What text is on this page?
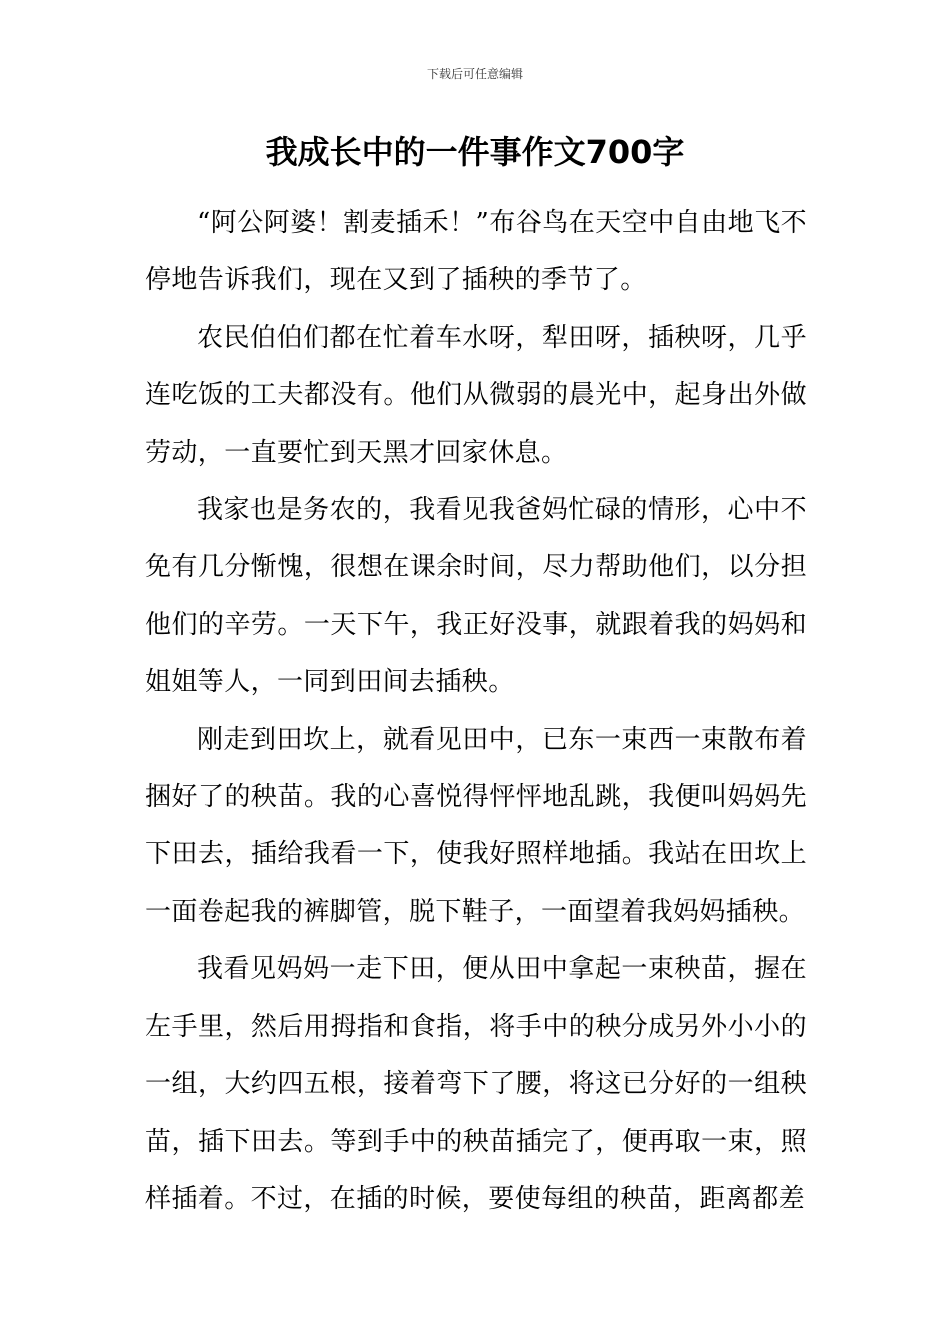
下载后可任意编辑
我成长中的一件事作文700字

“阿公阿婆！割麦插禾！”布谷鸟在天空中自由地飞不停地告诉我们，现在又到了插秧的季节了。

农民伯伯们都在忙着车水呀，犁田呀，插秧呀，几乎连吃饭的工夫都没有。他们从微弱的晨光中，起身出外做劳动，一直要忙到天黑才回家休息。

我家也是务农的，我看见我爸妈忙碌的情形，心中不免有几分惭愧，很想在课余时间，尽力帮助他们，以分担他们的辛劳。一天下午，我正好没事，就跟着我的妈妈和姐姐等人，一同到田间去插秧。

刚走到田坎上，就看见田中，已东一束西一束散布着捆好了的秧苗。我的心喜悦得怦怦地乱跳，我便叫妈妈先下田去，插给我看一下，使我好照样地插。我站在田坎上一面卷起我的裤脚管，脱下鞋子，一面望着我妈妈插秧。

我看见妈妈一走下田，便从田中拿起一束秧苗，握在左手里，然后用拇指和食指，将手中的秧分成另外小小的一组，大约四五根，接着弯下了腰，将这已分好的一组秧苗，插下田去。等到手中的秧苗插完了，便再取一束，照样插着。不过，在插的时候，要使每组的秧苗，距离都差
